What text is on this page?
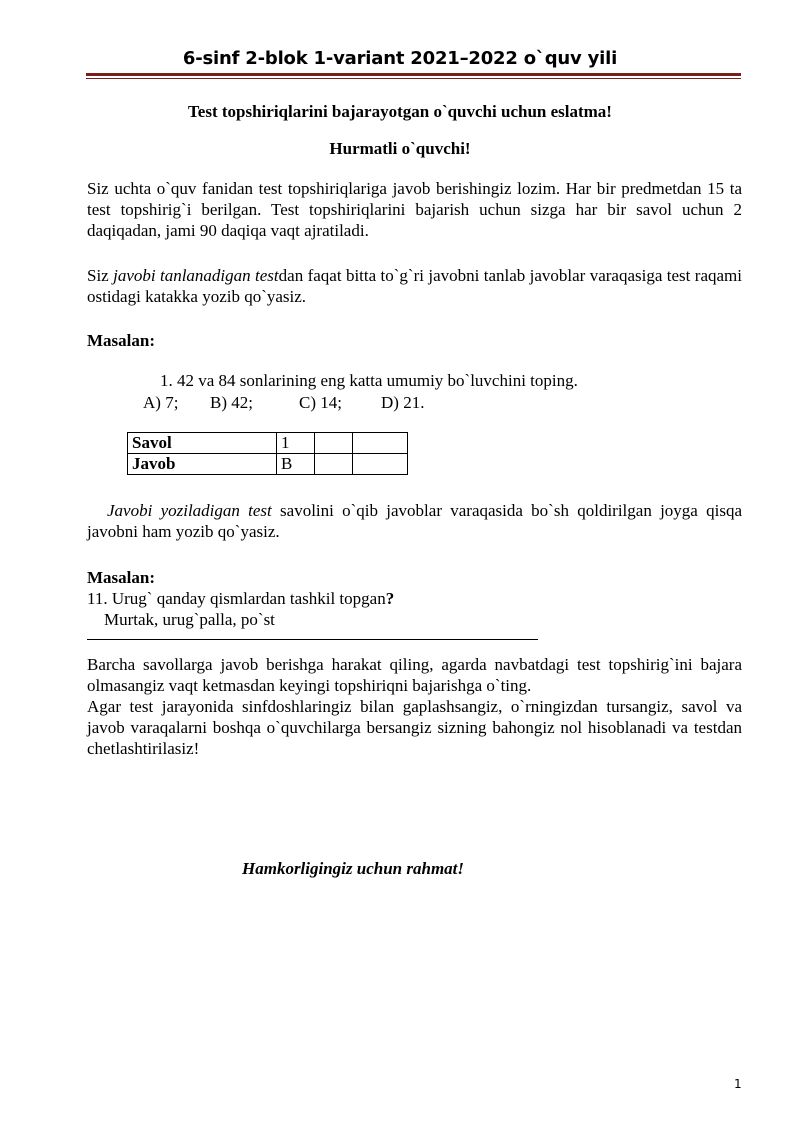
6-sinf 2-blok 1-variant 2021–2022 o`quv yili
Test topshiriqlarini bajarayotgan o`quvchi uchun eslatma!
Hurmatli o`quvchi!
Siz uchta o`quv fanidan test topshiriqlariga javob berishingiz lozim. Har bir predmetdan 15 ta test topshirig`i berilgan. Test topshiriqlarini bajarish uchun sizga har bir savol uchun 2 daqiqadan, jami 90 daqiqa vaqt ajratiladi.
Siz javobi tanlanadigan testdan faqat bitta to`g`ri javobni tanlab javoblar varaqasiga test raqami ostidagi katakka yozib qo`yasiz.
Masalan:
1. 42 va 84 sonlarining eng katta umumiy bo`luvchini toping.
A) 7; B) 42;	C) 14; D) 21.
Savol	1		
Javob	B		
Javobi yoziladigan test savolini o`qib javoblar varaqasida bo`sh qoldirilgan joyga qisqa javobni ham yozib qo`yasiz.
Masalan:
11. Urug` qanday qismlardan tashkil topgan?
Murtak, urug`palla, po`st
Barcha savollarga javob berishga harakat qiling, agarda navbatdagi test topshirig`ini bajara olmasangiz vaqt ketmasdan keyingi topshiriqni bajarishga o`ting.
Agar test jarayonida sinfdoshlaringiz bilan gaplashsangiz, o`rningizdan tursangiz, savol va javob varaqalarni boshqa o`quvchilarga bersangiz sizning bahongiz nol hisoblanadi va testdan chetlashtirilasiz!
Hamkorligingiz uchun rahmat!
1
